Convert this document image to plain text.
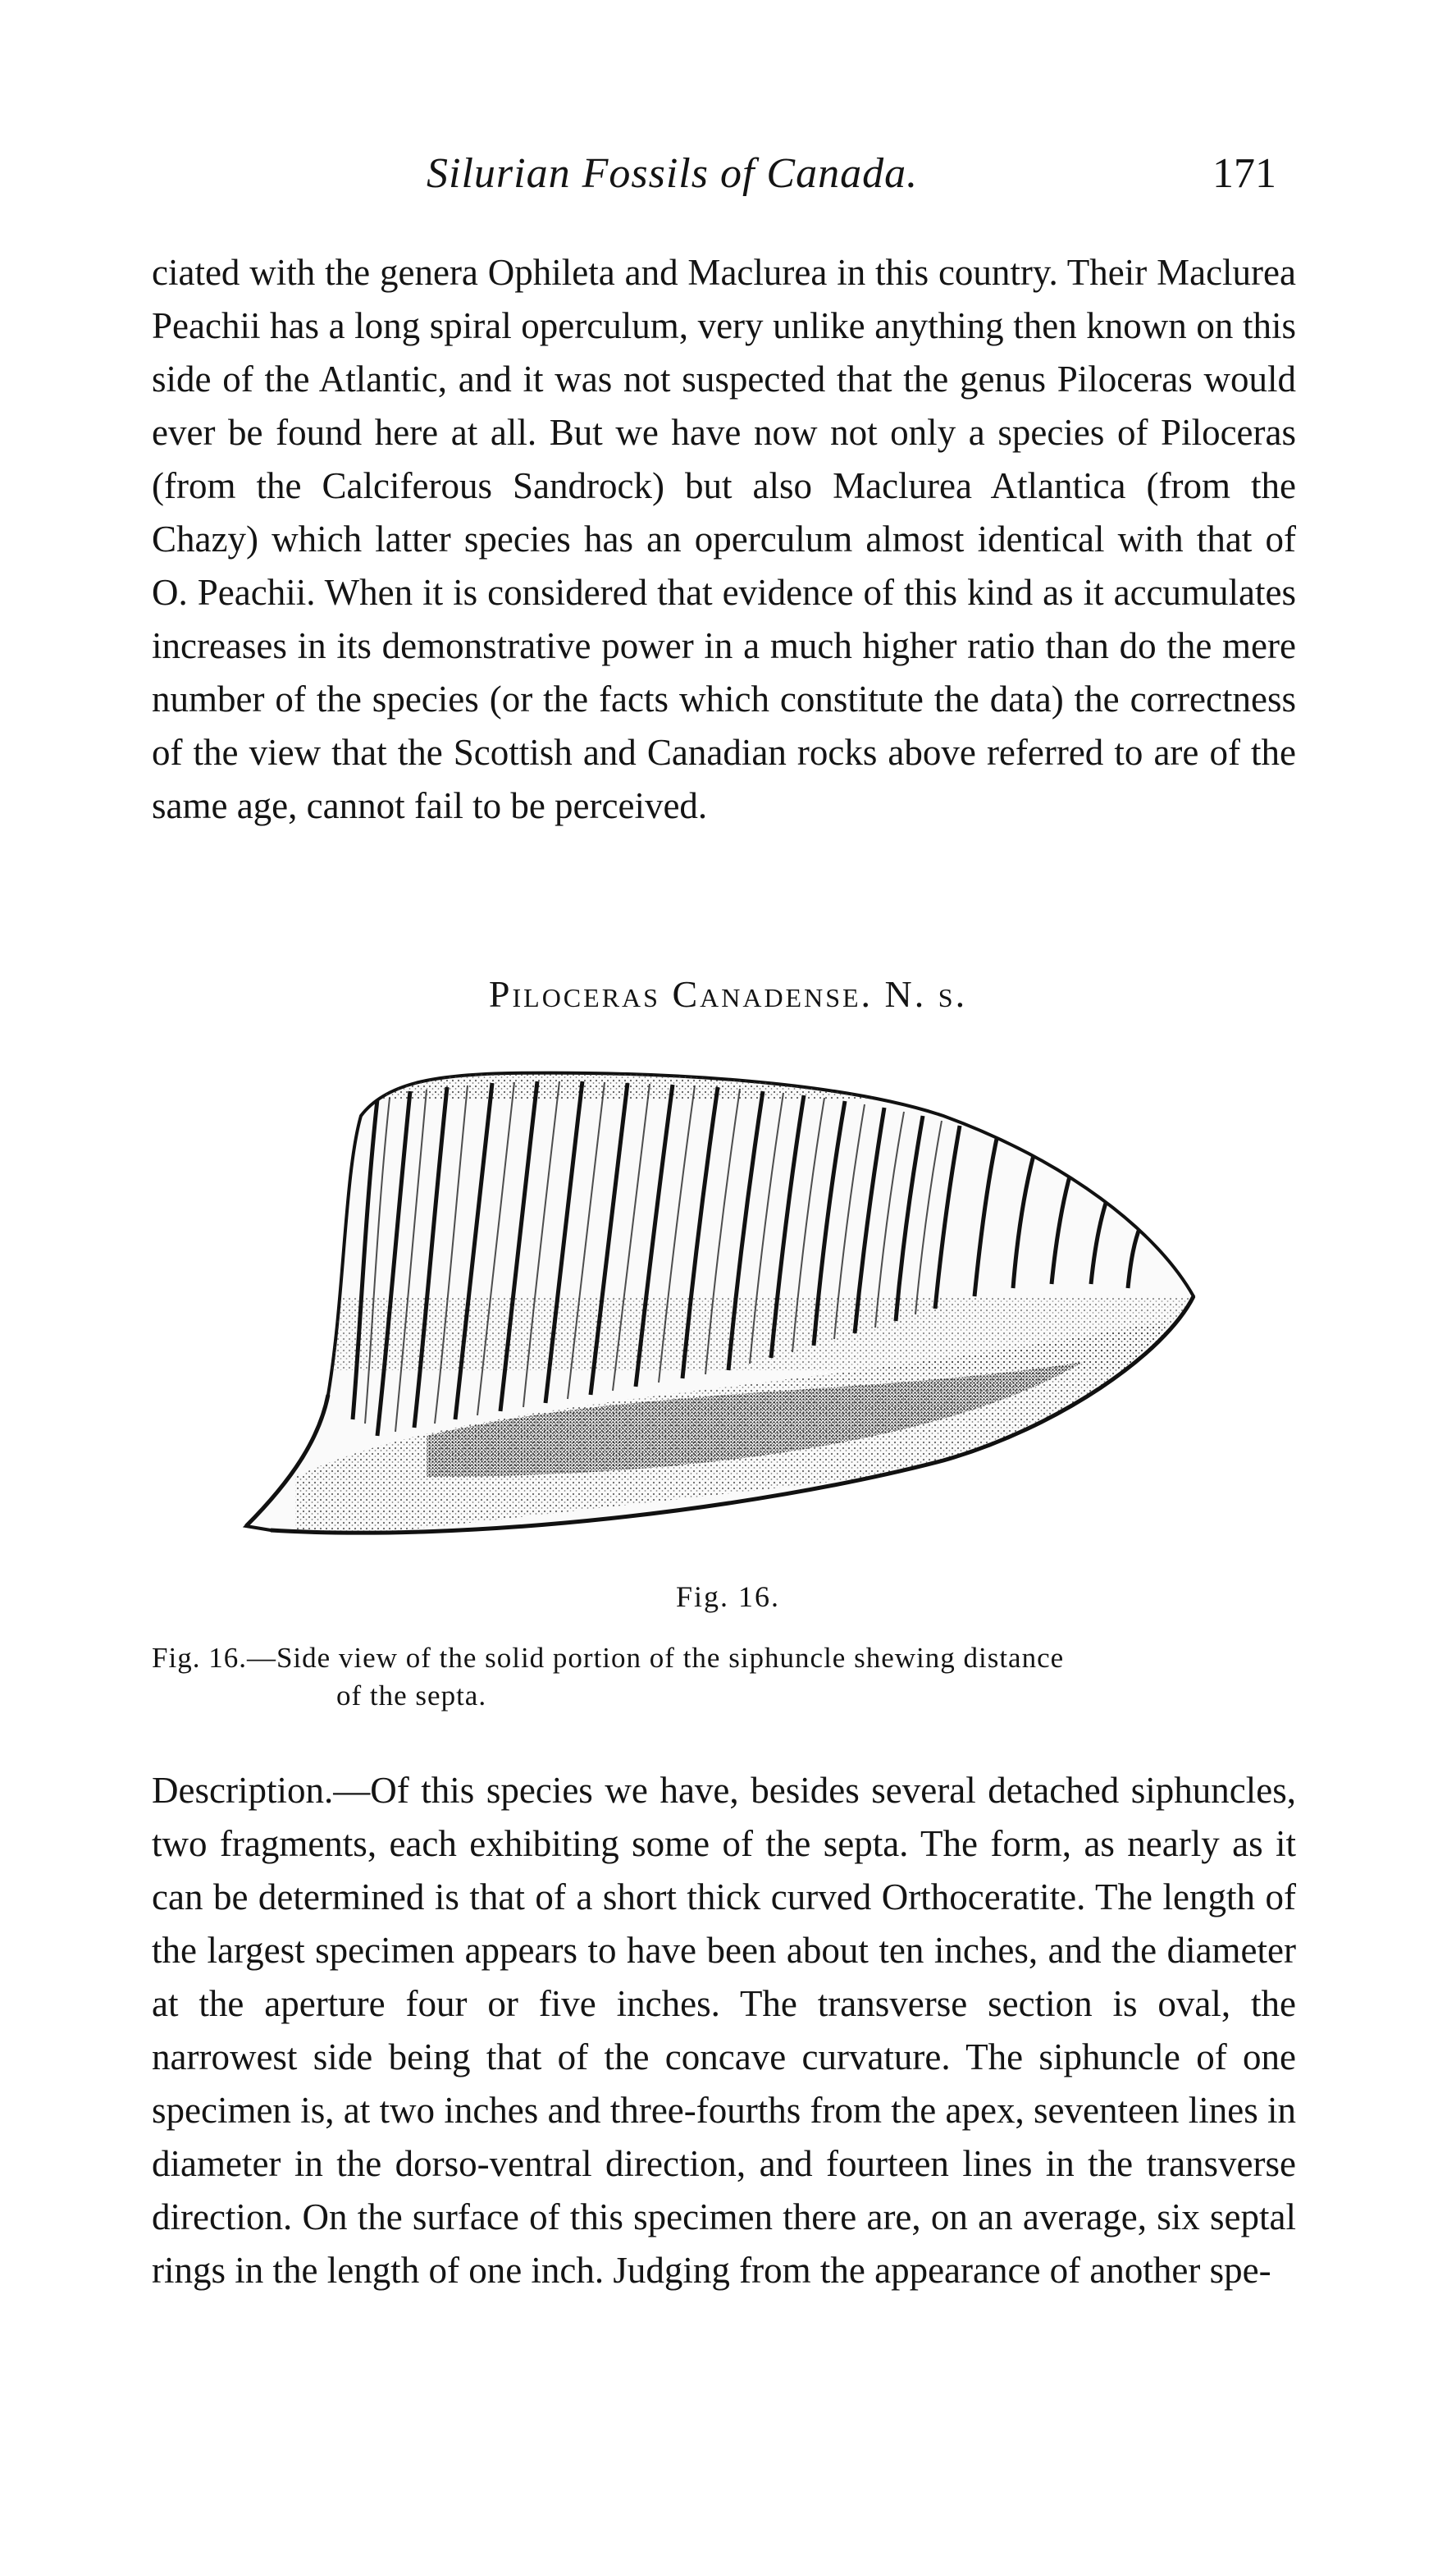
Silurian Fossils of Canada.	171

ciated with the genera Ophileta and Maclurea in this country. Their Maclurea Peachii has a long spiral operculum, very unlike anything then known on this side of the Atlantic, and it was not suspected that the genus Piloceras would ever be found here at all. But we have now not only a species of Piloceras (from the Calciferous Sandrock) but also Maclurea Atlantica (from the Chazy) which latter species has an operculum almost identical with that of O. Peachii. When it is considered that evidence of this kind as it accumulates increases in its demonstrative power in a much higher ratio than do the mere number of the species (or the facts which constitute the data) the correctness of the view that the Scottish and Canadian rocks above referred to are of the same age, cannot fail to be perceived.

Piloceras Canadense. N. s.
Fig. 16.
Fig. 16.—Side view of the solid portion of the siphuncle shewing distance
of the septa.

Description.—Of this species we have, besides several detached siphuncles, two fragments, each exhibiting some of the septa. The form, as nearly as it can be determined is that of a short thick curved Orthoceratite. The length of the largest specimen appears to have been about ten inches, and the diameter at the aperture four or five inches. The transverse section is oval, the narrowest side being that of the concave curvature. The siphuncle of one specimen is, at two inches and three-fourths from the apex, seventeen lines in diameter in the dorso-ventral direction, and fourteen lines in the transverse direction. On the surface of this specimen there are, on an average, six septal rings in the length of one inch. Judging from the appearance of another spe-
